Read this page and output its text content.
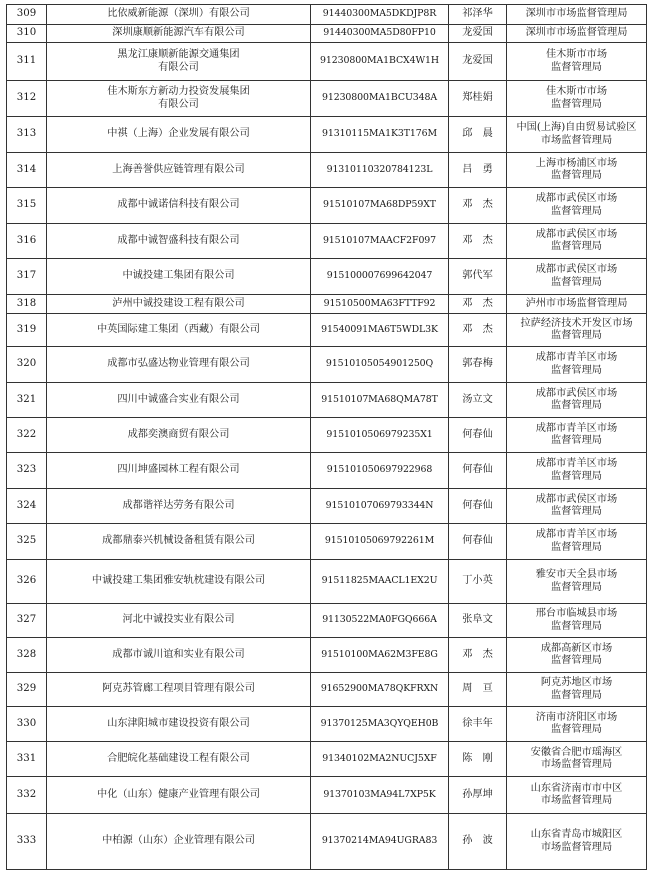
309	比依威新能源（深圳）有限公司	91440300MA5DKDJP8R	祁泽华	深圳市市场监督管理局

310	深圳康顺新能源汽车有限公司	91440300MA5D80FP10	龙爱国	深圳市市场监督管理局

311	黑龙江康顺新能源交通集团
有限公司	91230800MA1BCX4W1H	龙爱国	佳木斯市市场
监督管理局

312	佳木斯东方新动力投资发展集团
有限公司	91230800MA1BCU348A	郑桂娟	佳木斯市市场
监督管理局

313	中祺（上海）企业发展有限公司	91310115MA1K3T176M	邱　晨	中国(上海)自由贸易试验区
市场监督管理局

314	上海善誉供应链管理有限公司	91310110320784123L	吕　勇	上海市杨浦区市场
监督管理局

315	成都中诚诺信科技有限公司	91510107MA68DP59XT	邓　杰	成都市武侯区市场
监督管理局

316	成都中诚智盛科技有限公司	91510107MAACF2F097	邓　杰	成都市武侯区市场
监督管理局

317	中诚投建工集团有限公司	915100007699642047	郭代军	成都市武侯区市场
监督管理局

318	泸州中诚投建设工程有限公司	91510500MA63FTTF92	邓　杰	泸州市市场监督管理局

319	中英国际建工集团（西藏）有限公司	91540091MA6T5WDL3K	邓　杰	拉萨经济技术开发区市场
监督管理局

320	成都市弘盛达物业管理有限公司	91510105054901250Q	郭春梅	成都市青羊区市场
监督管理局

321	四川中诚盛合实业有限公司	91510107MA68QMA78T	汤立文	成都市武侯区市场
监督管理局

322	成都奕澳商贸有限公司	915101050697923​5X1	何春仙	成都市青羊区市场
监督管理局

323	四川坤盛园林工程有限公司	91510105069792296​8	何春仙	成都市青羊区市场
监督管理局

324	成都谐祥达劳务有限公司	91510107069793344N	何春仙	成都市武侯区市场
监督管理局

325	成都鼎泰兴机械设备租赁有限公司	91510105069792261M	何春仙	成都市青羊区市场
监督管理局

326	中诚投建工集团雅安轨枕建设有限公司	91511825MAACL1EX2U	丁小英	雅安市天全县市场
监督管理局

327	河北中诚投实业有限公司	91130522MA0FGQ666A	张阜文	邢台市临城县市场
监督管理局

328	成都市诚川谊和实业有限公司	91510100MA62M3FE8G	邓　杰	成都高新区市场
监督管理局

329	阿克苏管廊工程项目管理有限公司	91652900MA78QKFRXN	周　亘	阿克苏地区市场
监督管理局

330	山东津阳城市建设投资有限公司	91370125MA3QYQEH0B	徐丰年	济南市济阳区市场
监督管理局

331	合肥皖化基础建设工程有限公司	91340102MA2NUCJ5XF	陈　刚	安徽省合肥市瑶海区
市场监督管理局

332	中化（山东）健康产业管理有限公司	91370103MA94L7XP5K	孙厚坤	山东省济南市市中区
市场监督管理局

333	中柏源（山东）企业管理有限公司	91370214MA94UGRA83	孙　波	山东省青岛市城阳区
市场监督管理局
